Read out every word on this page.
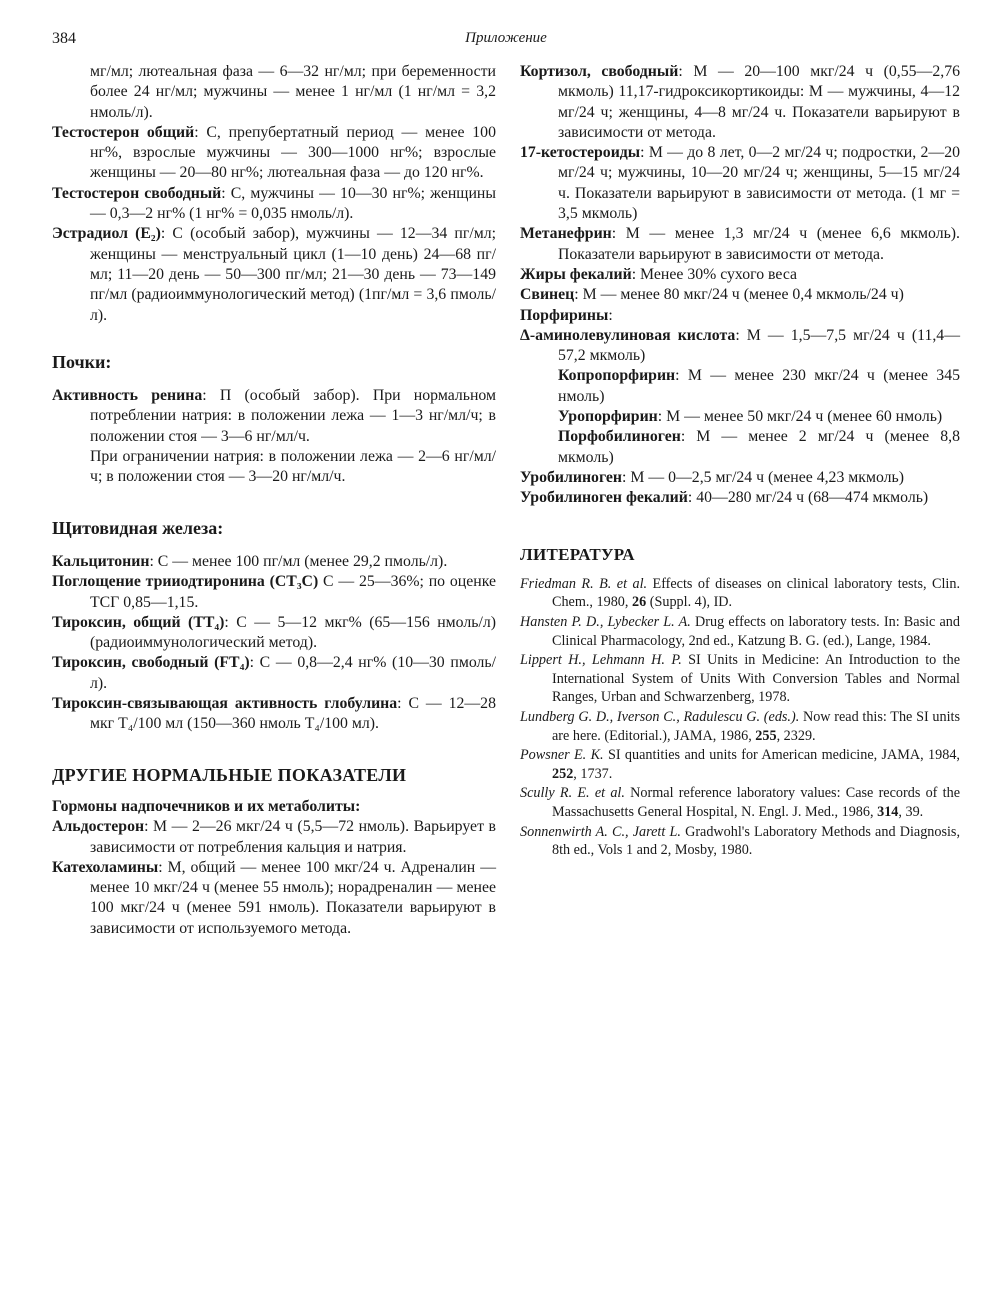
384	Приложение

мг/мл; лютеальная фаза — 6—32 нг/мл; при беременности более 24 нг/мл; мужчины — менее 1 нг/мл (1 нг/мл = 3,2 нмоль/л).

Тестостерон общий: С, препубертатный период — менее 100 нг%, взрослые мужчины — 300—1000 нг%; взрослые женщины — 20—80 нг%; лютеальная фаза — до 120 нг%.

Тестостерон свободный: С, мужчины — 10—30 нг%; женщины — 0,3—2 нг% (1 нг% = 0,035 нмоль/л).

Эстрадиол (E₂): С (особый забор), мужчины — 12—34 пг/мл; женщины — менструальный цикл (1—10 день) 24—68 пг/мл; 11—20 день — 50—300 пг/мл; 21—30 день — 73—149 пг/мл (радиоиммунологический метод) (1пг/мл = 3,6 пмоль/л).

Почки:

Активность ренина: П (особый забор). При нормальном потреблении натрия: в положении лежа — 1—3 нг/мл/ч; в положении стоя — 3—6 нг/мл/ч.

При ограничении натрия: в положении лежа — 2—6 нг/мл/ч; в положении стоя — 3—20 нг/мл/ч.

Щитовидная железа:

Кальцитонин: С — менее 100 пг/мл (менее 29,2 пмоль/л).

Поглощение трииодтиронина (СТ₃С) С — 25—36%; по оценке ТСГ 0,85—1,15.

Тироксин, общий (ТТ₄): С — 5—12 мкг% (65—156 нмоль/л) (радиоиммунологический метод).

Тироксин, свободный (FT₄): С — 0,8—2,4 нг% (10—30 пмоль/л).

Тироксин-связывающая активность глобулина: С — 12—28 мкг T₄/100 мл (150—360 нмоль T₄/100 мл).

ДРУГИЕ НОРМАЛЬНЫЕ ПОКАЗАТЕЛИ

Гормоны надпочечников и их метаболиты:

Альдостерон: М — 2—26 мкг/24 ч (5,5—72 нмоль). Варьирует в зависимости от потребления кальция и натрия.

Катехоламины: М, общий — менее 100 мкг/24 ч. Адреналин — менее 10 мкг/24 ч (менее 55 нмоль); норадреналин — менее 100 мкг/24 ч (менее 591 нмоль). Показатели варьируют в зависимости от используемого метода.

Кортизол, свободный: М — 20—100 мкг/24 ч (0,55—2,76 мкмоль) 11,17-гидроксикортикоиды: М — мужчины, 4—12 мг/24 ч; женщины, 4—8 мг/24 ч. Показатели варьируют в зависимости от метода.

17-кетостероиды: М — до 8 лет, 0—2 мг/24 ч; подростки, 2—20 мг/24 ч; мужчины, 10—20 мг/24 ч; женщины, 5—15 мг/24 ч. Показатели варьируют в зависимости от метода. (1 мг = 3,5 мкмоль)

Метанефрин: М — менее 1,3 мг/24 ч (менее 6,6 мкмоль). Показатели варьируют в зависимости от метода.

Жиры фекалий: Менее 30% сухого веса

Свинец: М — менее 80 мкг/24 ч (менее 0,4 мкмоль/24 ч)

Порфирины:

Δ-аминолевулиновая кислота: М — 1,5—7,5 мг/24 ч (11,4—57,2 мкмоль)

Копропорфирин: М — менее 230 мкг/24 ч (менее 345 нмоль)

Уропорфирин: М — менее 50 мкг/24 ч (менее 60 нмоль)

Порфобилиноген: М — менее 2 мг/24 ч (менее 8,8 мкмоль)

Уробилиноген: М — 0—2,5 мг/24 ч (менее 4,23 мкмоль)

Уробилиноген фекалий: 40—280 мг/24 ч (68—474 мкмоль)

ЛИТЕРАТУРА

Friedman R. B. et al. Effects of diseases on clinical laboratory tests, Clin. Chem., 1980, 26 (Suppl. 4), ID.

Hansten P. D., Lybecker L. A. Drug effects on laboratory tests. In: Basic and Clinical Pharmacology, 2nd ed., Katzung B. G. (ed.), Lange, 1984.

Lippert H., Lehmann H. P. SI Units in Medicine: An Introduction to the International System of Units With Conversion Tables and Normal Ranges, Urban and Schwarzenberg, 1978.

Lundberg G. D., Iverson C., Radulescu G. (eds.). Now read this: The SI units are here. (Editorial.), JAMA, 1986, 255, 2329.

Powsner E. K. SI quantities and units for American medicine, JAMA, 1984, 252, 1737.

Scully R. E. et al. Normal reference laboratory values: Case records of the Massachusetts General Hospital, N. Engl. J. Med., 1986, 314, 39.

Sonnenwirth A. C., Jarett L. Gradwohl's Laboratory Methods and Diagnosis, 8th ed., Vols 1 and 2, Mosby, 1980.
